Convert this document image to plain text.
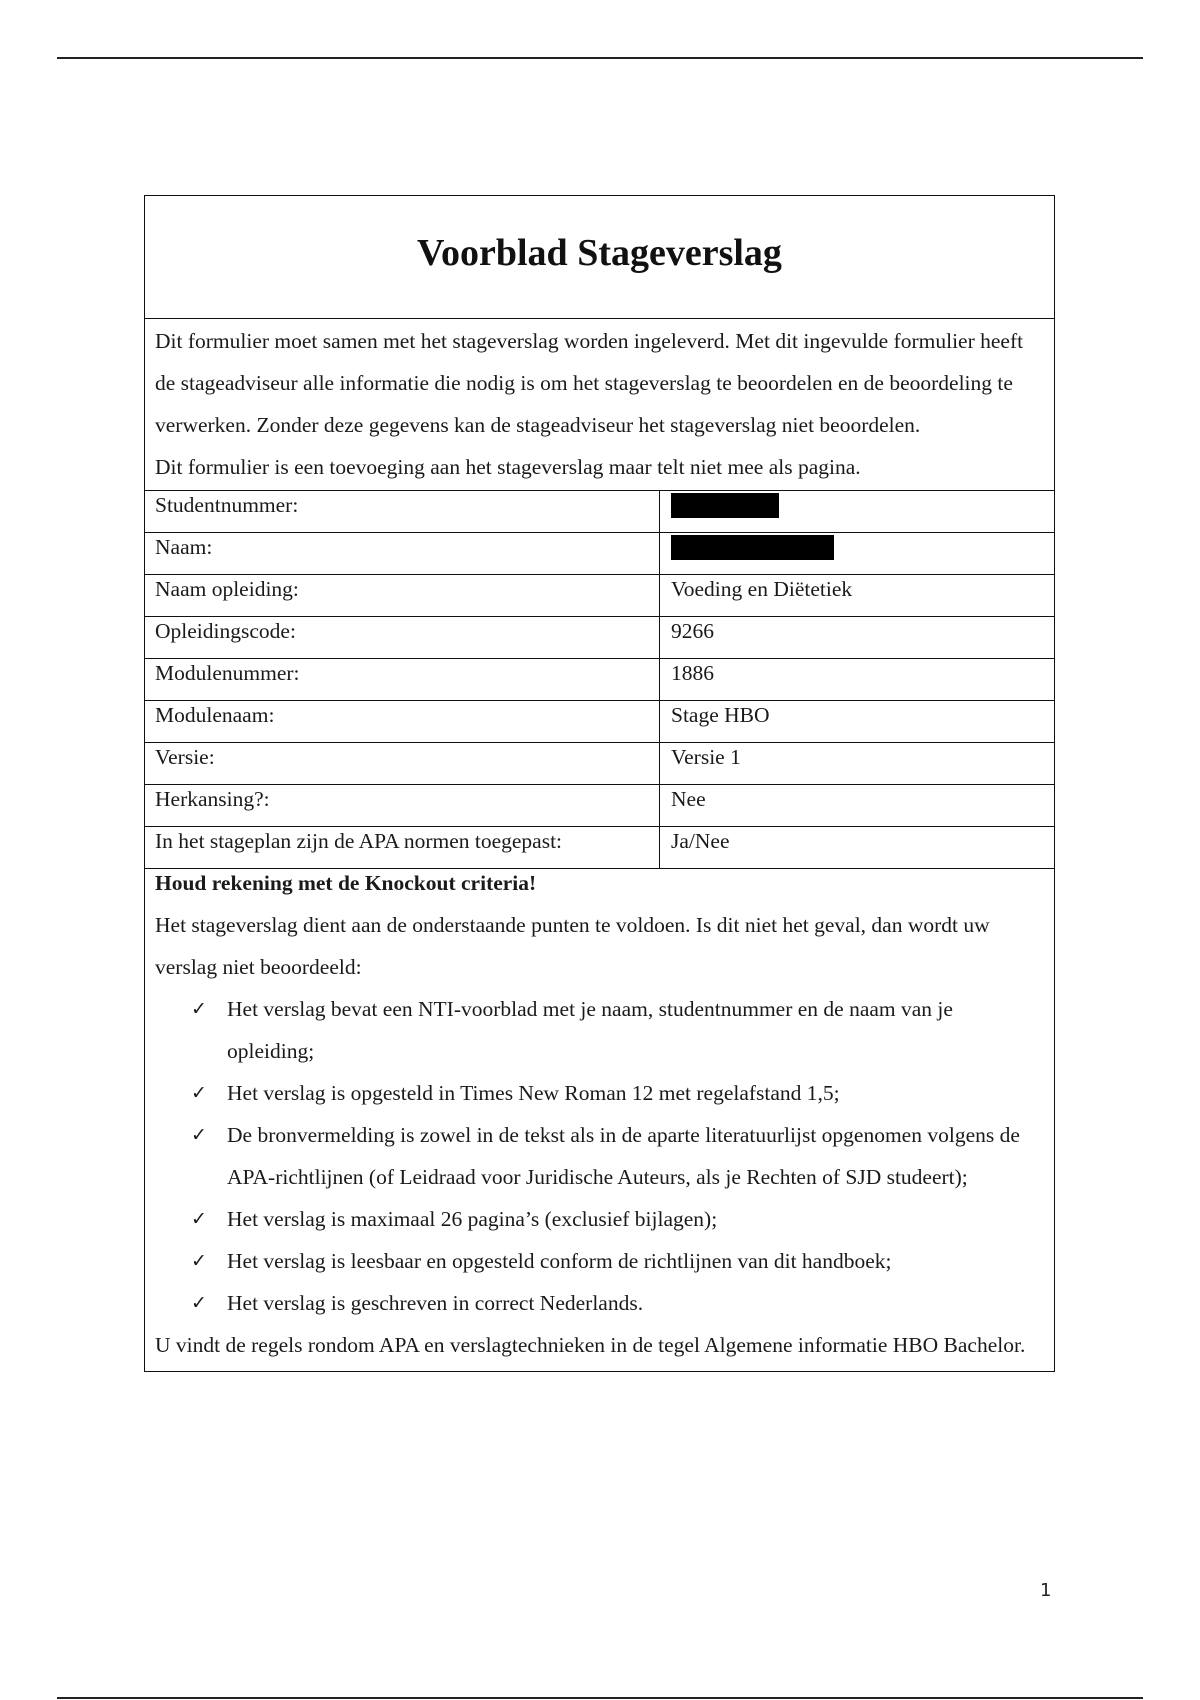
Voorblad Stageverslag

Dit formulier moet samen met het stageverslag worden ingeleverd. Met dit ingevulde formulier heeft de stageadviseur alle informatie die nodig is om het stageverslag te beoordelen en de beoordeling te verwerken. Zonder deze gegevens kan de stageadviseur het stageverslag niet beoordelen.

Dit formulier is een toevoeging aan het stageverslag maar telt niet mee als pagina.

Studentnummer:
Naam:
Naam opleiding:	Voeding en Diëtetiek
Opleidingscode:	9266
Modulenummer:	1886
Modulenaam:	Stage HBO
Versie:	Versie 1
Herkansing?:	Nee
In het stageplan zijn de APA normen toegepast:	Ja/Nee

Houd rekening met de Knockout criteria!

Het stageverslag dient aan de onderstaande punten te voldoen. Is dit niet het geval, dan wordt uw verslag niet beoordeeld:

✓ Het verslag bevat een NTI-voorblad met je naam, studentnummer en de naam van je opleiding;
✓ Het verslag is opgesteld in Times New Roman 12 met regelafstand 1,5;
✓ De bronvermelding is zowel in de tekst als in de aparte literatuurlijst opgenomen volgens de APA-richtlijnen (of Leidraad voor Juridische Auteurs, als je Rechten of SJD studeert);
✓ Het verslag is maximaal 26 pagina’s (exclusief bijlagen);
✓ Het verslag is leesbaar en opgesteld conform de richtlijnen van dit handboek;
✓ Het verslag is geschreven in correct Nederlands.

U vindt de regels rondom APA en verslagtechnieken in de tegel Algemene informatie HBO Bachelor.

1
